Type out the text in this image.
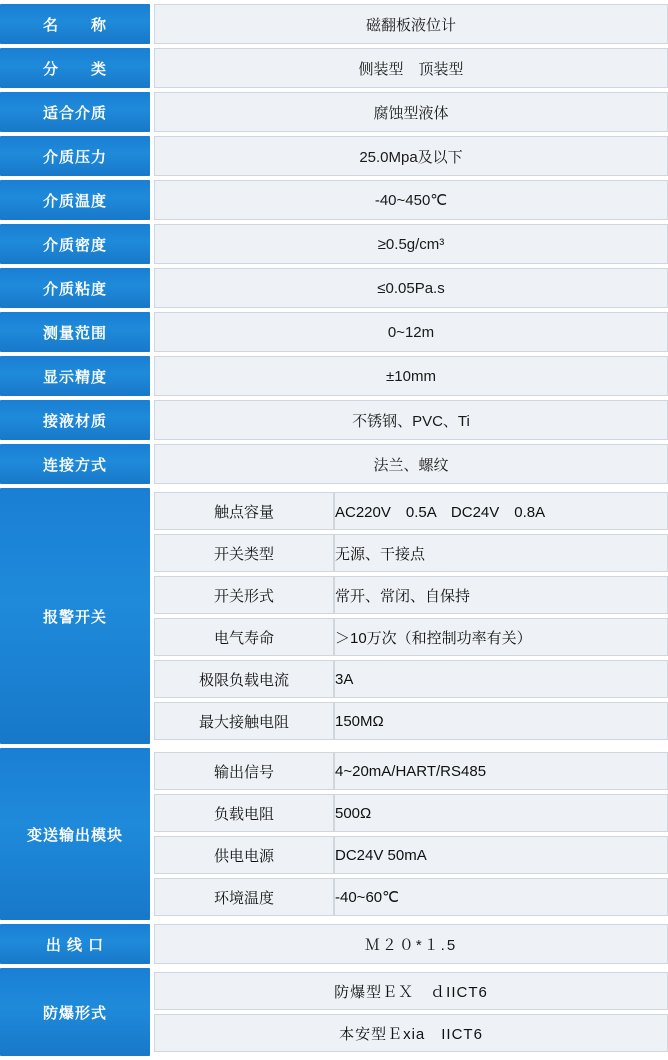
名　　称		磁翻板液位计
分　　类		侧装型　顶装型
适合介质		腐蚀型液体
介质压力		25.0Mpa及以下
介质温度		-40~450℃
介质密度		≥0.5g/cm³
介质粘度		≤0.05Pa.s
测量范围		0~12m
显示精度		±10mm
接液材质		不锈钢、PVC、Ti
连接方式		法兰、螺纹
报警开关		
触点容量	AC220V　0.5A　DC24V　0.8A
开关类型	无源、干接点
开关形式	常开、常闭、自保持
电气寿命	＞10万次（和控制功率有关）
极限负载电流	3A
最大接触电阻	150MΩ

变送输出模块		
输出信号	4~20mA/HART/RS485
负载电阻	500Ω
供电电源	DC24V 50mA
环境温度	-40~60℃

出 线 口		Ｍ２０*１.5
防爆形式		
防爆型ＥＸ　ｄIICT6
本安型Ｅxia　IICT6
